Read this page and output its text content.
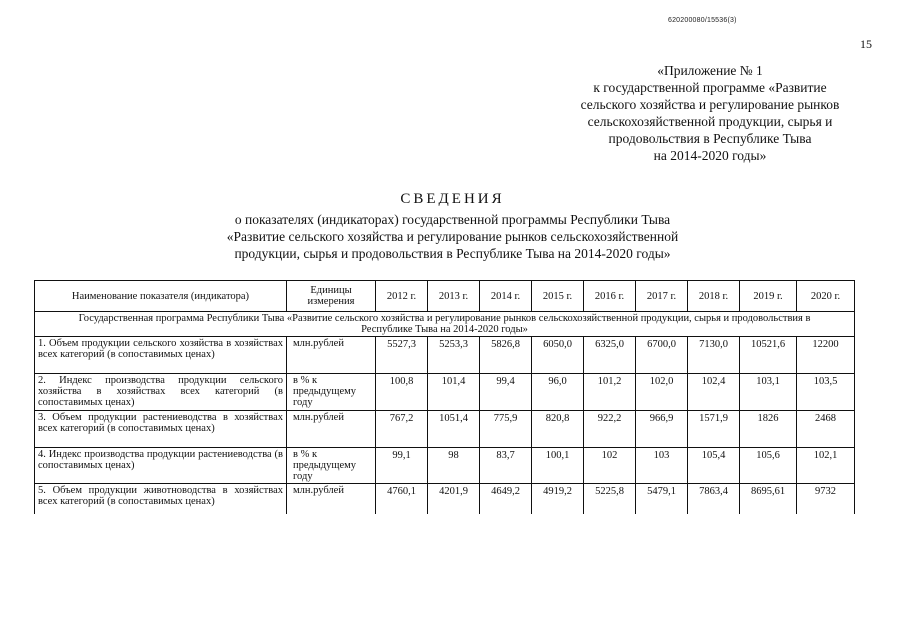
620200080/15536(3)
15
«Приложение № 1
к государственной программе «Развитие
сельского хозяйства и регулирование рынков
сельскохозяйственной продукции, сырья и
продовольствия в Республике Тыва
на 2014-2020 годы»
СВЕДЕНИЯ
о показателях (индикаторах) государственной программы Республики Тыва
«Развитие сельского хозяйства и регулирование рынков сельскохозяйственной
продукции, сырья и продовольствия в Республике Тыва на 2014-2020 годы»
Наименование показателя (индикатора)	Единицы измерения	2012 г.	2013 г.	2014 г.	2015 г.	2016 г.	2017 г.	2018 г.	2019 г.	2020 г.
Государственная программа Республики Тыва «Развитие сельского хозяйства и регулирование рынков сельскохозяйственной продукции, сырья и продовольствия в Республике Тыва на 2014-2020 годы»										
1. Объем продукции сельского хозяйства в хозяйствах всех категорий (в сопоставимых ценах)	млн.рублей	5527,3	5253,3	5826,8	6050,0	6325,0	6700,0	7130,0	10521,6	12200
2. Индекс производства продукции сельского хозяйства в хозяйствах всех категорий (в сопоставимых ценах)	в % к предыдущему году	100,8	101,4	99,4	96,0	101,2	102,0	102,4	103,1	103,5
3. Объем продукции растениеводства в хозяйствах всех категорий (в сопоставимых ценах)	млн.рублей	767,2	1051,4	775,9	820,8	922,2	966,9	1571,9	1826	2468
4. Индекс производства продукции растениеводства (в сопоставимых ценах)	в % к предыдущему году	99,1	98	83,7	100,1	102	103	105,4	105,6	102,1
5. Объем продукции животноводства в хозяйствах всех категорий (в сопоставимых ценах)	млн.рублей	4760,1	4201,9	4649,2	4919,2	5225,8	5479,1	7863,4	8695,61	9732
